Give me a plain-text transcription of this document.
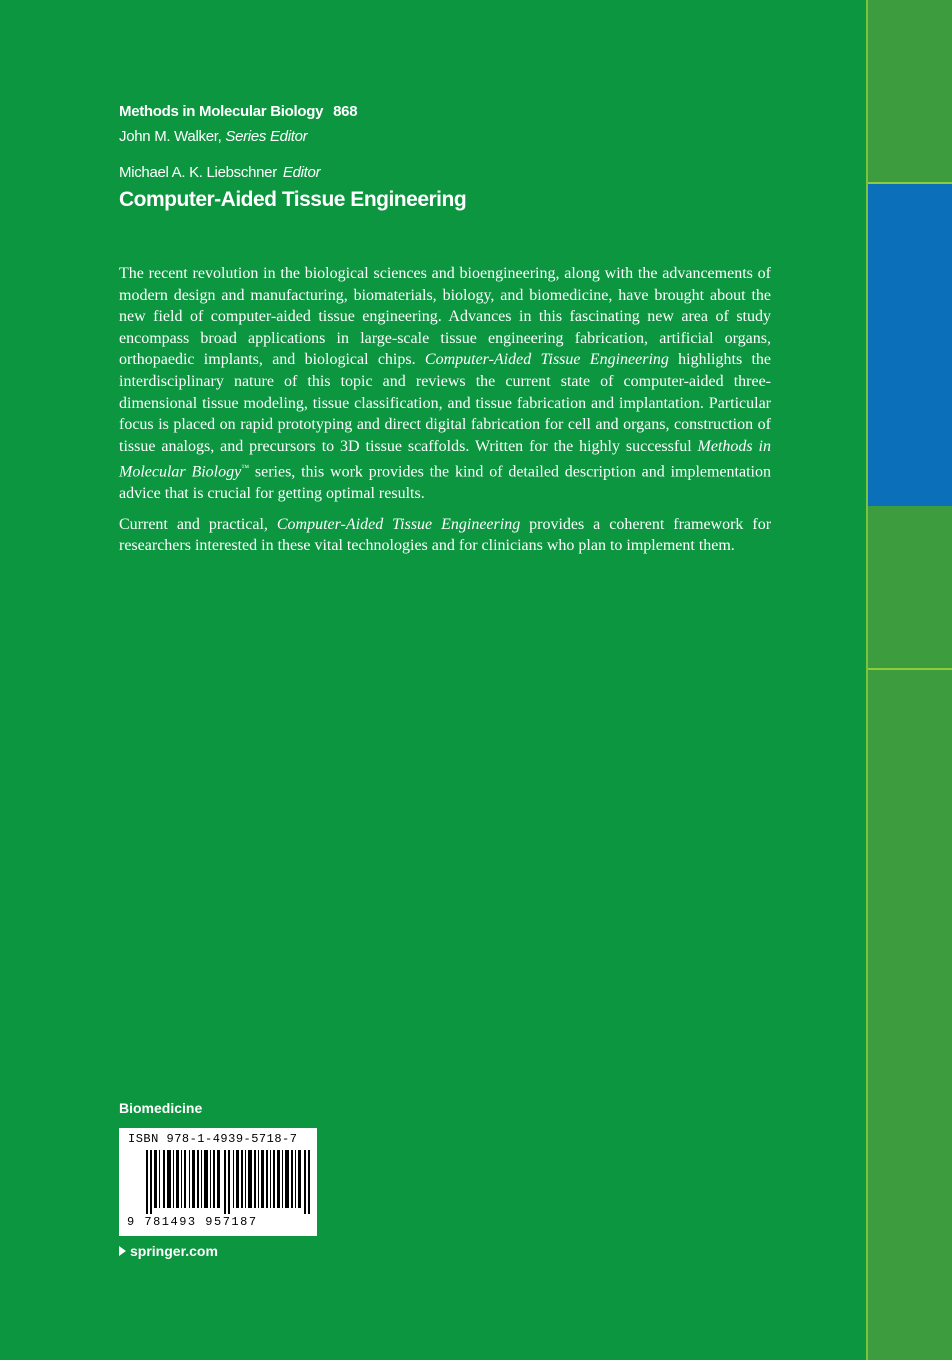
Methods in Molecular Biology 868
John M. Walker, Series Editor
Michael A. K. Liebschner Editor
Computer-Aided Tissue Engineering

The recent revolution in the biological sciences and bioengineering, along with the advancements of modern design and manufacturing, biomaterials, biology, and biomedicine, have brought about the new field of computer-aided tissue engineering. Advances in this fascinating new area of study encompass broad applications in large-scale tissue engineering fabrication, artificial organs, orthopaedic implants, and biological chips. Computer-Aided Tissue Engineering highlights the interdisciplinary nature of this topic and reviews the current state of computer-aided three-dimensional tissue modeling, tissue classification, and tissue fabrication and implantation. Particular focus is placed on rapid prototyping and direct digital fabrication for cell and organs, construction of tissue analogs, and precursors to 3D tissue scaffolds. Written for the highly successful Methods in Molecular Biology™ series, this work provides the kind of detailed description and implementation advice that is crucial for getting optimal results.

Current and practical, Computer-Aided Tissue Engineering provides a coherent framework for researchers interested in these vital technologies and for clinicians who plan to implement them.

Biomedicine
ISBN 978-1-4939-5718-7
9 781493 957187
springer.com
